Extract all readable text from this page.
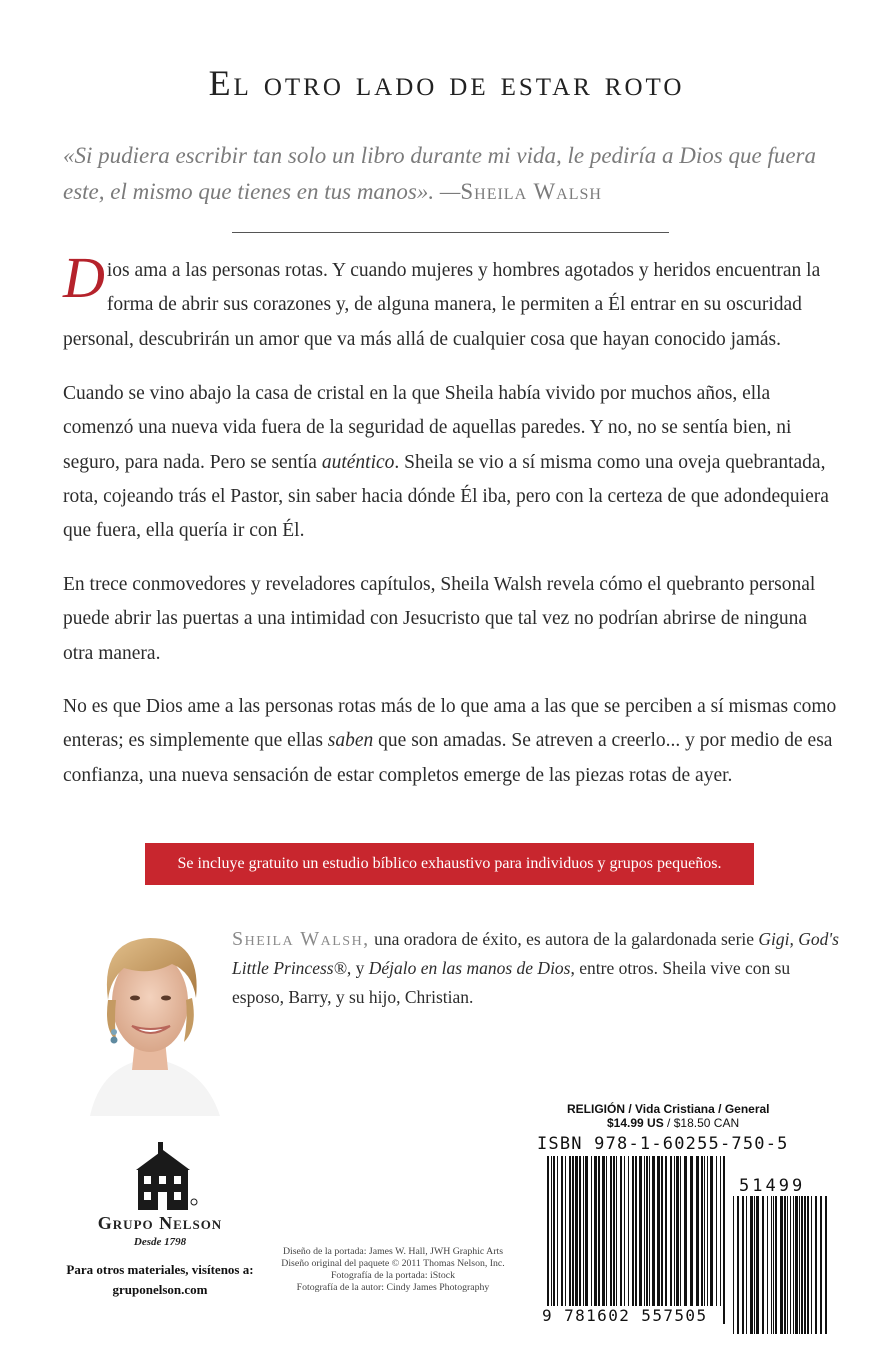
El otro lado de estar roto
«Si pudiera escribir tan solo un libro durante mi vida, le pediría a Dios que fuera este, el mismo que tienes en tus manos». —Sheila Walsh
Dios ama a las personas rotas. Y cuando mujeres y hombres agotados y heridos encuentran la forma de abrir sus corazones y, de alguna manera, le permiten a Él entrar en su oscuridad personal, descubrirán un amor que va más allá de cualquier cosa que hayan conocido jamás.
Cuando se vino abajo la casa de cristal en la que Sheila había vivido por muchos años, ella comenzó una nueva vida fuera de la seguridad de aquellas paredes. Y no, no se sentía bien, ni seguro, para nada. Pero se sentía auténtico. Sheila se vio a sí misma como una oveja quebrantada, rota, cojeando trás el Pastor, sin saber hacia dónde Él iba, pero con la certeza de que adondequiera que fuera, ella quería ir con Él.
En trece conmovedores y reveladores capítulos, Sheila Walsh revela cómo el quebranto personal puede abrir las puertas a una intimidad con Jesucristo que tal vez no podrían abrirse de ninguna otra manera.
No es que Dios ame a las personas rotas más de lo que ama a las que se perciben a sí mismas como enteras; es simplemente que ellas saben que son amadas. Se atreven a creerlo... y por medio de esa confianza, una nueva sensación de estar completos emerge de las piezas rotas de ayer.
Se incluye gratuito un estudio bíblico exhaustivo para individuos y grupos pequeños.
Sheila Walsh, una oradora de éxito, es autora de la galardonada serie Gigi, God's Little Princess®, y Déjalo en las manos de Dios, entre otros. Sheila vive con su esposo, Barry, y su hijo, Christian.
Grupo Nelson
Desde 1798
Para otros materiales, visítenos a:
gruponelson.com
Diseño de la portada: James W. Hall, JWH Graphic Arts
Diseño original del paquete © 2011 Thomas Nelson, Inc.
Fotografía de la portada: iStock
Fotografía de la autor: Cindy James Photography
RELIGIÓN / Vida Cristiana / General
$14.99 US / $18.50 CAN
ISBN 978-1-60255-750-5
51499
9 781602 557505
